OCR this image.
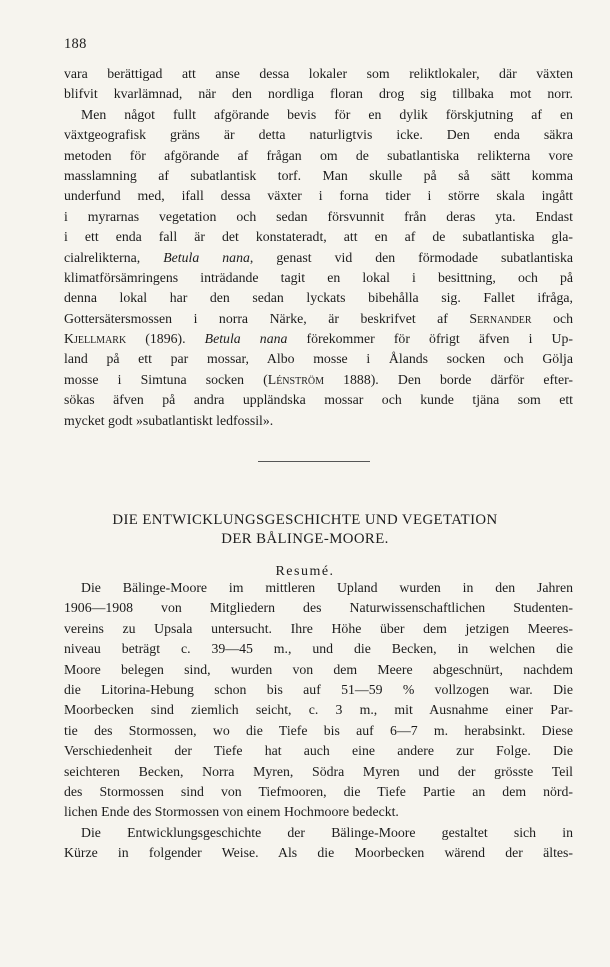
188
vara berättigad att anse dessa lokaler som reliktlokaler, där växten
blifvit kvarlämnad, när den nordliga floran drog sig tillbaka mot norr.
Men något fullt afgörande bevis för en dylik förskjutning af en
växtgeografisk gräns är detta naturligtvis icke. Den enda säkra
metoden för afgörande af frågan om de subatlantiska relikterna vore
masslamning af subatlantisk torf. Man skulle på så sätt komma
underfund med, ifall dessa växter i forna tider i större skala ingått
i myrarnas vegetation och sedan försvunnit från deras yta. Endast
i ett enda fall är det konstateradt, att en af de subatlantiska gla-
cialrelikterna, Betula nana, genast vid den förmodade subatlantiska
klimatförsämringens inträdande tagit en lokal i besittning, och på
denna lokal har den sedan lyckats bibehålla sig. Fallet ifråga,
Gottersätersmossen i norra Närke, är beskrifvet af Sernander och
Kjellmark (1896). Betula nana förekommer för öfrigt äfven i Up-
land på ett par mossar, Albo mosse i Ålands socken och Gölja
mosse i Simtuna socken (Lénström 1888). Den borde därför efter-
sökas äfven på andra uppländska mossar och kunde tjäna som ett
mycket godt »subatlantiskt ledfossil».
DIE ENTWICKLUNGSGESCHICHTE UND VEGETATION
DER BÅLINGE-MOORE.
Resumé.
Die Bälinge-Moore im mittleren Upland wurden in den Jahren
1906—1908 von Mitgliedern des Naturwissenschaftlichen Studenten-
vereins zu Upsala untersucht. Ihre Höhe über dem jetzigen Meeres-
niveau beträgt c. 39—45 m., und die Becken, in welchen die
Moore belegen sind, wurden von dem Meere abgeschnürt, nachdem
die Litorina-Hebung schon bis auf 51—59 % vollzogen war. Die
Moorbecken sind ziemlich seicht, c. 3 m., mit Ausnahme einer Par-
tie des Stormossen, wo die Tiefe bis auf 6—7 m. herabsinkt. Diese
Verschiedenheit der Tiefe hat auch eine andere zur Folge. Die
seichteren Becken, Norra Myren, Södra Myren und der grösste Teil
des Stormossen sind von Tiefmooren, die Tiefe Partie an dem nörd-
lichen Ende des Stormossen von einem Hochmoore bedeckt.
Die Entwicklungsgeschichte der Bälinge-Moore gestaltet sich in
Kürze in folgender Weise. Als die Moorbecken wärend der ältes-
